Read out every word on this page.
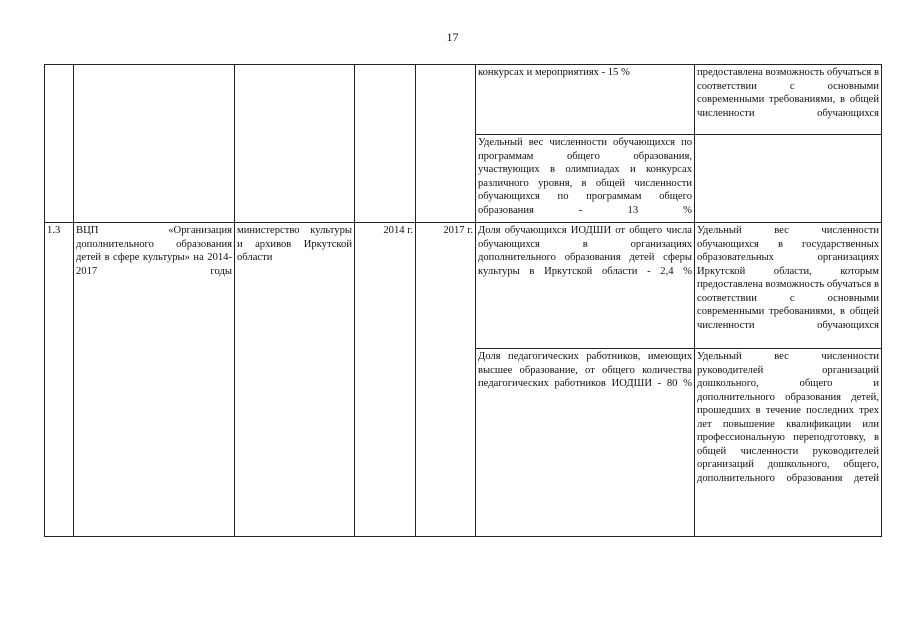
17

					конкурсах и мероприятиях - 15 %	предоставлена возможность обучаться в соответствии с основными современными требованиями, в общей численности обучающихся
					Удельный вес численности обучающихся по программам общего образования, участвующих в олимпиадах и конкурсах различного уровня, в общей численности обучающихся по программам общего образования - 13 %	
1.3	ВЦП «Организация дополнительного образования детей в сфере культуры» на 2014-2017 годы	министерство культуры и архивов Иркутской области	2014 г.	2017 г.	Доля обучающихся ИОДШИ от общего числа обучающихся в организациях дополнительного образования детей сферы культуры в Иркутской области - 2,4 %	Удельный вес численности обучающихся в государственных образовательных организациях Иркутской области, которым предоставлена возможность обучаться в соответствии с основными современными требованиями, в общей численности обучающихся
					Доля педагогических работников, имеющих высшее образование, от общего количества педагогических работников ИОДШИ - 80 %	Удельный вес численности руководителей организаций дошкольного, общего и дополнительного образования детей, прошедших в течение последних трех лет повышение квалификации или профессиональную переподготовку, в общей численности руководителей организаций дошкольного, общего, дополнительного образования детей
